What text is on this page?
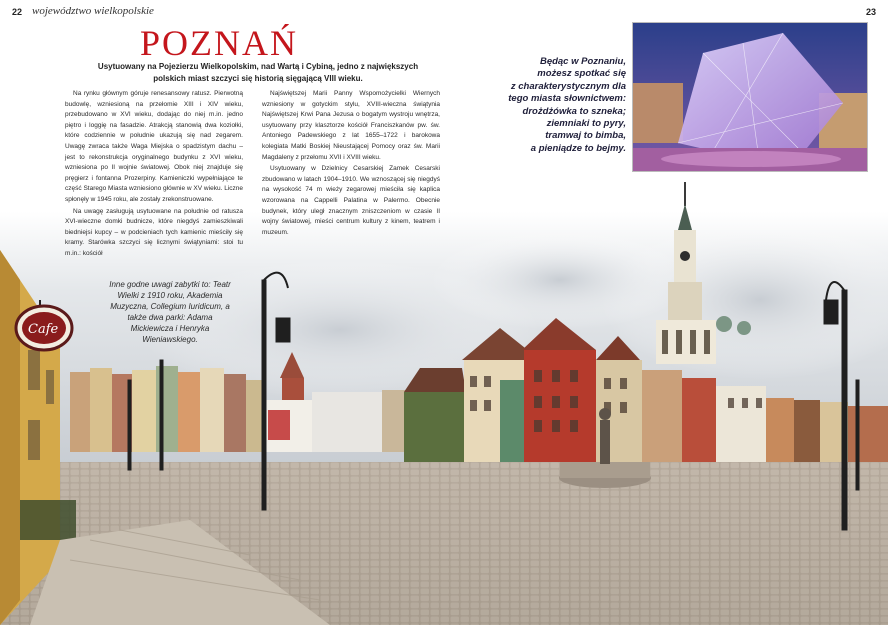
Cafe
22 województwo wielkopolskie	23
POZNAŃ
Usytuowany na Pojezierzu Wielkopolskim, nad Wartą i Cybiną, jedno z największych polskich miast szczyci się historią sięgającą VIII wieku.

Na rynku głównym góruje renesansowy ratusz. Pierwotną budowlę, wzniesioną na przełomie XIII i XIV wieku, przebudowano w XVI wieku, dodając do niej m.in. jedno piętro i loggię na fasadzie. Atrakcją stanowią dwa koziołki, które codziennie w południe ukazują się nad zegarem. Uwagę zwraca także Waga Miejska o spadzistym dachu – jest to rekonstrukcja oryginalnego budynku z XVI wieku, wzniesiona po II wojnie światowej. Obok niej znajduje się pręgierz i fontanna Prozerpiny. Kamieniczki wypełniające te część Starego Miasta wzniesiono głównie w XV wieku. Liczne spłonęły w 1945 roku, ale zostały zrekonstruowane.

Na uwagę zasługują usytuowane na południe od ratusza XVI-wieczne domki budnicze, które niegdyś zamieszkiwali biedniejsi kupcy – w podcieniach tych kamienic mieściły się kramy. Starówka szczyci się licznymi świątyniami: stoi tu m.in.: kościół

Najświętszej Marii Panny Wspomożycielki Wiernych wzniesiony w gotyckim stylu, XVIII-wieczna świątynia Najświętszej Krwi Pana Jezusa o bogatym wystroju wnętrza, usytuowany przy klasztorze kościół Franciszkanów pw. św. Antoniego Padewskiego z lat 1655–1722 i barokowa kolegiata Matki Boskiej Nieustającej Pomocy oraz św. Marii Magdaleny z przełomu XVII i XVIII wieku.

Usytuowany w Dzielnicy Cesarskiej Zamek Cesarski zbudowano w latach 1904–1910. We wznoszącej się niegdyś na wysokość 74 m wieży zegarowej mieściła się kaplica wzorowana na Cappelli Palatina w Palermo. Obecnie budynek, który uległ znacznym zniszczeniom w czasie II wojny światowej, mieści centrum kultury z kinem, teatrem i muzeum.

Inne godne uwagi zabytki to: Teatr Wielki z 1910 roku, Akademia Muzyczna, Collegium Iuridicum, a także dwa parki: Adama Mickiewicza i Henryka Wieniawskiego.
Będąc w Poznaniu,
możesz spotkać się
z charakterystycznym dla
tego miasta słownictwem:
drożdżówka to szneka;
ziemniaki to pyry,
tramwaj to bimba,
a pieniądze to bejmy.
